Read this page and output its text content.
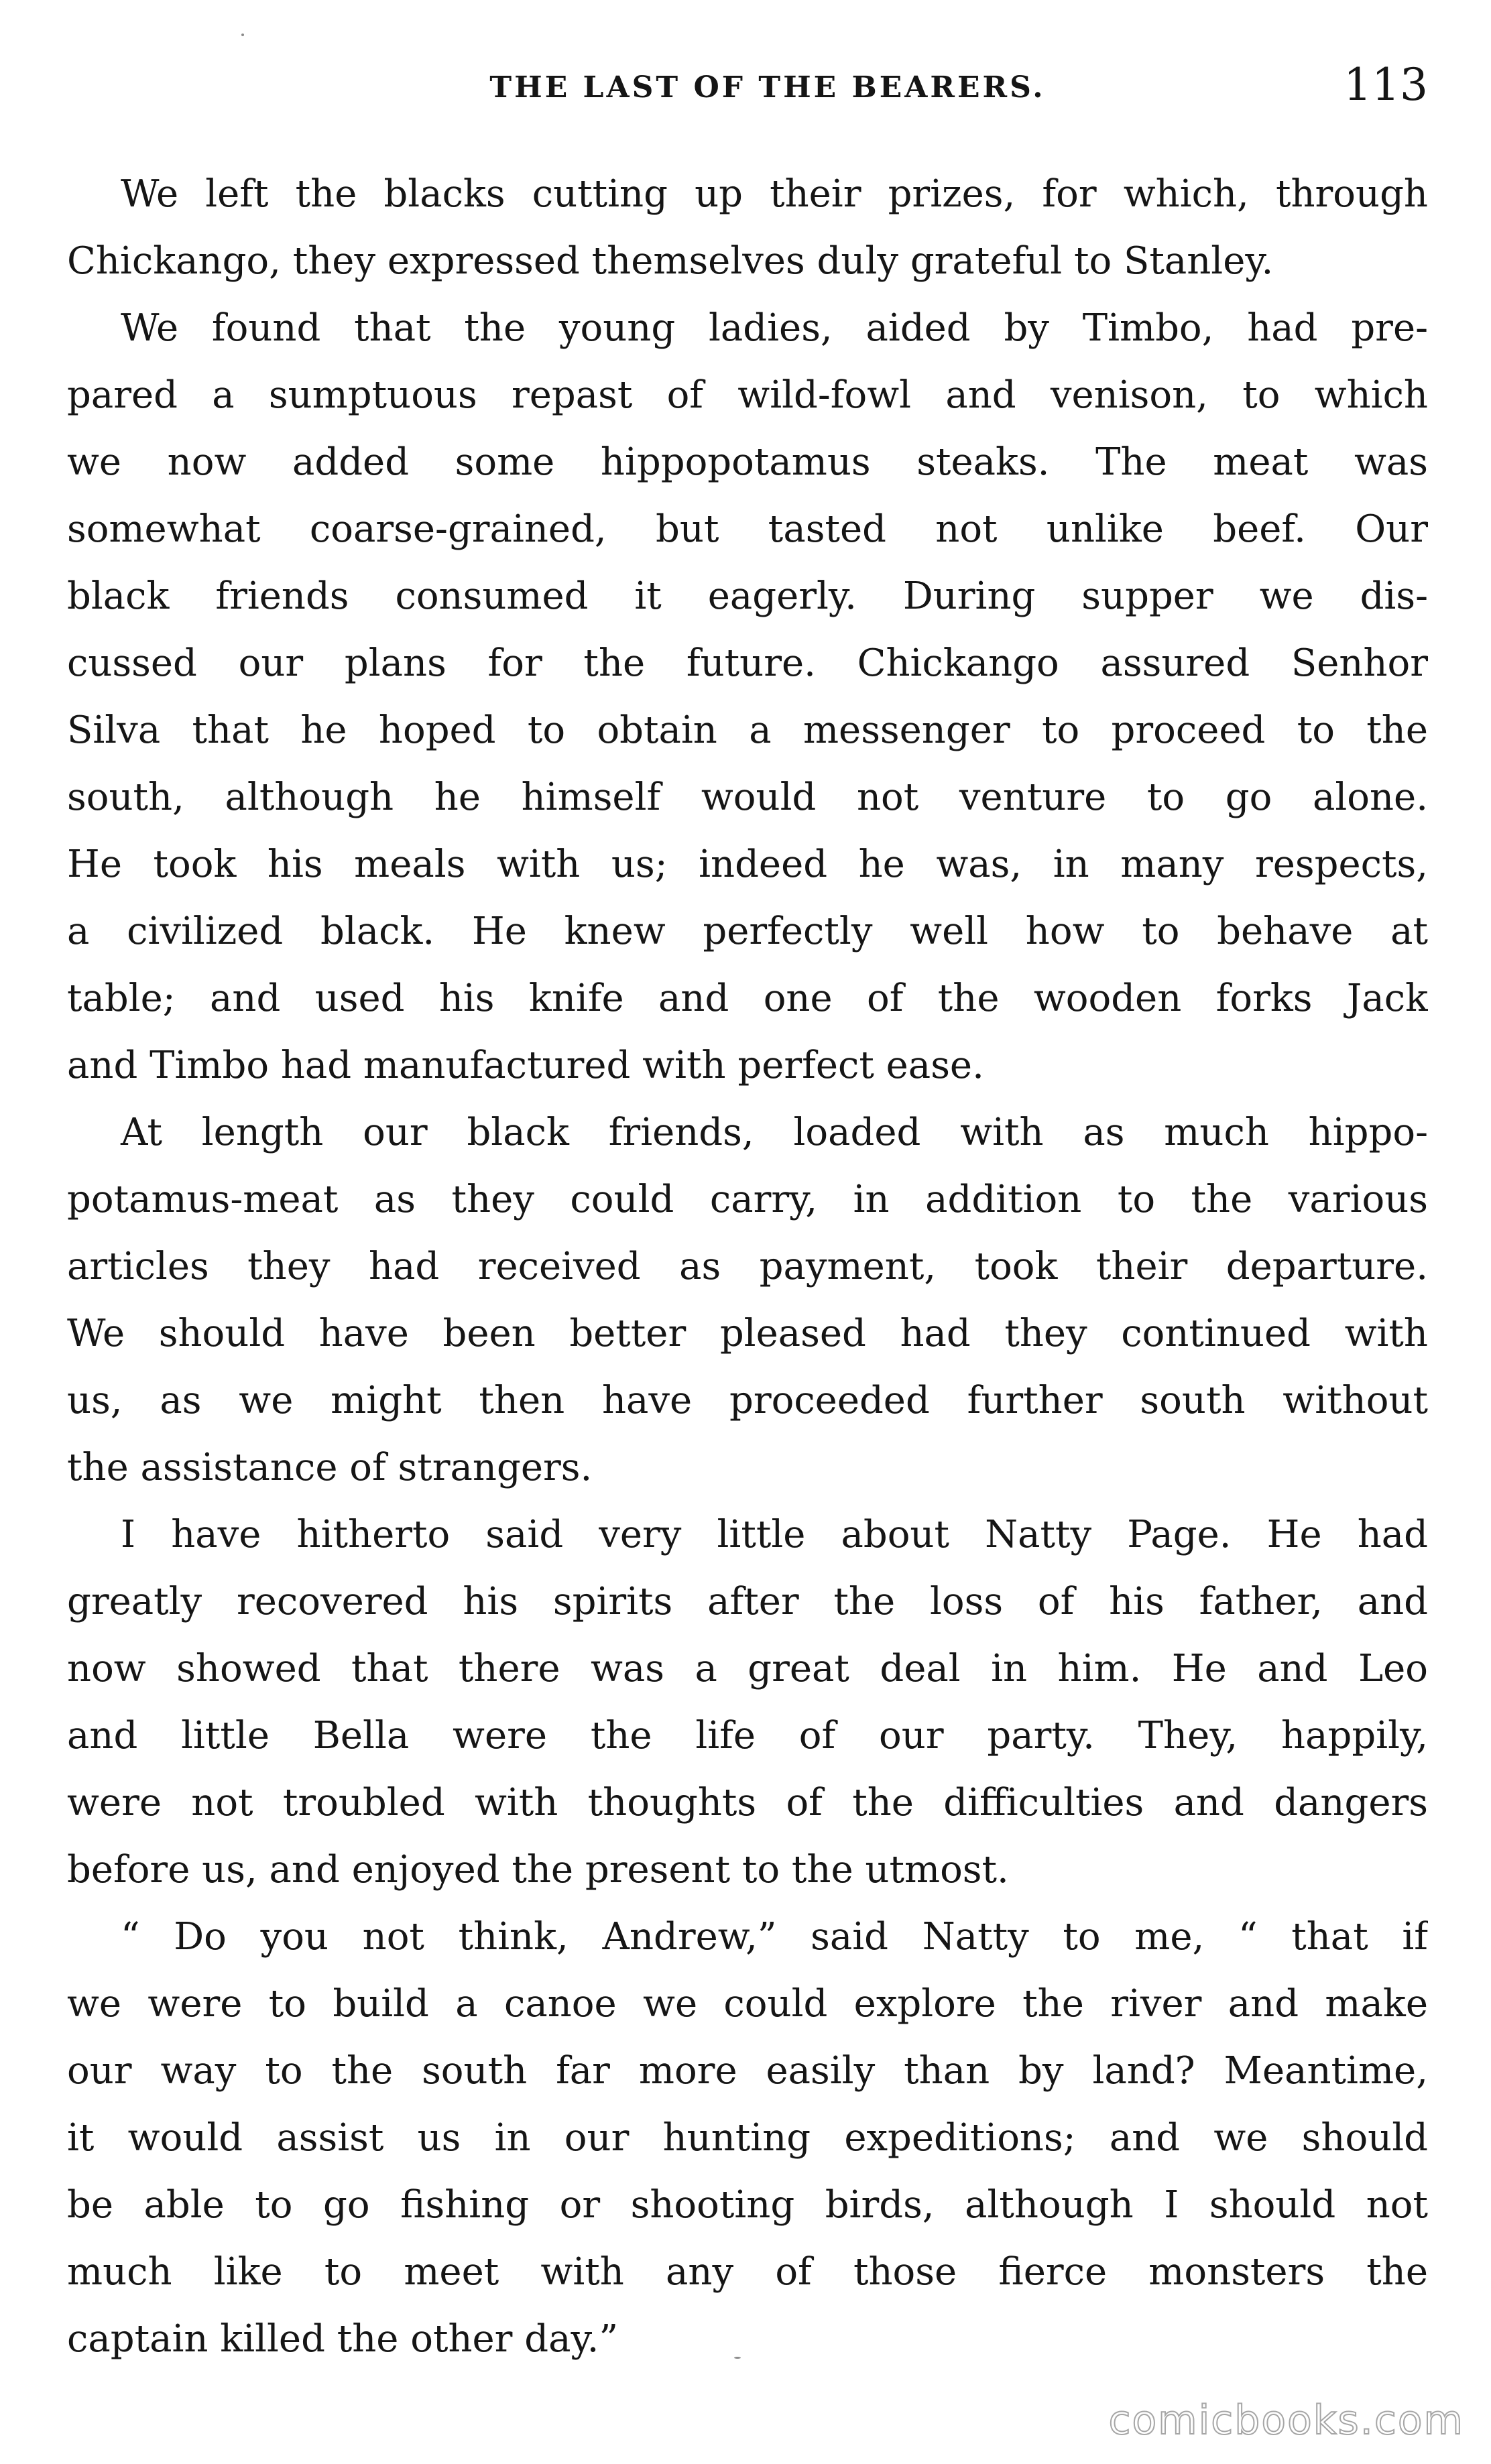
THE LAST OF THE BEARERS.	113
We left the blacks cutting up their prizes, for which, through
Chickango, they expressed themselves duly grateful to Stanley.
We found that the young ladies, aided by Timbo, had pre-
pared a sumptuous repast of wild-fowl and venison, to which
we now added some hippopotamus steaks. The meat was
somewhat coarse-grained, but tasted not unlike beef. Our
black friends consumed it eagerly. During supper we dis-
cussed our plans for the future. Chickango assured Senhor
Silva that he hoped to obtain a messenger to proceed to the
south, although he himself would not venture to go alone.
He took his meals with us; indeed he was, in many respects,
a civilized black. He knew perfectly well how to behave at
table; and used his knife and one of the wooden forks Jack
and Timbo had manufactured with perfect ease.
At length our black friends, loaded with as much hippo-
potamus-meat as they could carry, in addition to the various
articles they had received as payment, took their departure.
We should have been better pleased had they continued with
us, as we might then have proceeded further south without
the assistance of strangers.
I have hitherto said very little about Natty Page. He had
greatly recovered his spirits after the loss of his father, and
now showed that there was a great deal in him. He and Leo
and little Bella were the life of our party. They, happily,
were not troubled with thoughts of the difficulties and dangers
before us, and enjoyed the present to the utmost.
“ Do you not think, Andrew,” said Natty to me, “ that if
we were to build a canoe we could explore the river and make
our way to the south far more easily than by land? Meantime,
it would assist us in our hunting expeditions; and we should
be able to go fishing or shooting birds, although I should not
much like to meet with any of those fierce monsters the
captain killed the other day.”
comicbooks.com
